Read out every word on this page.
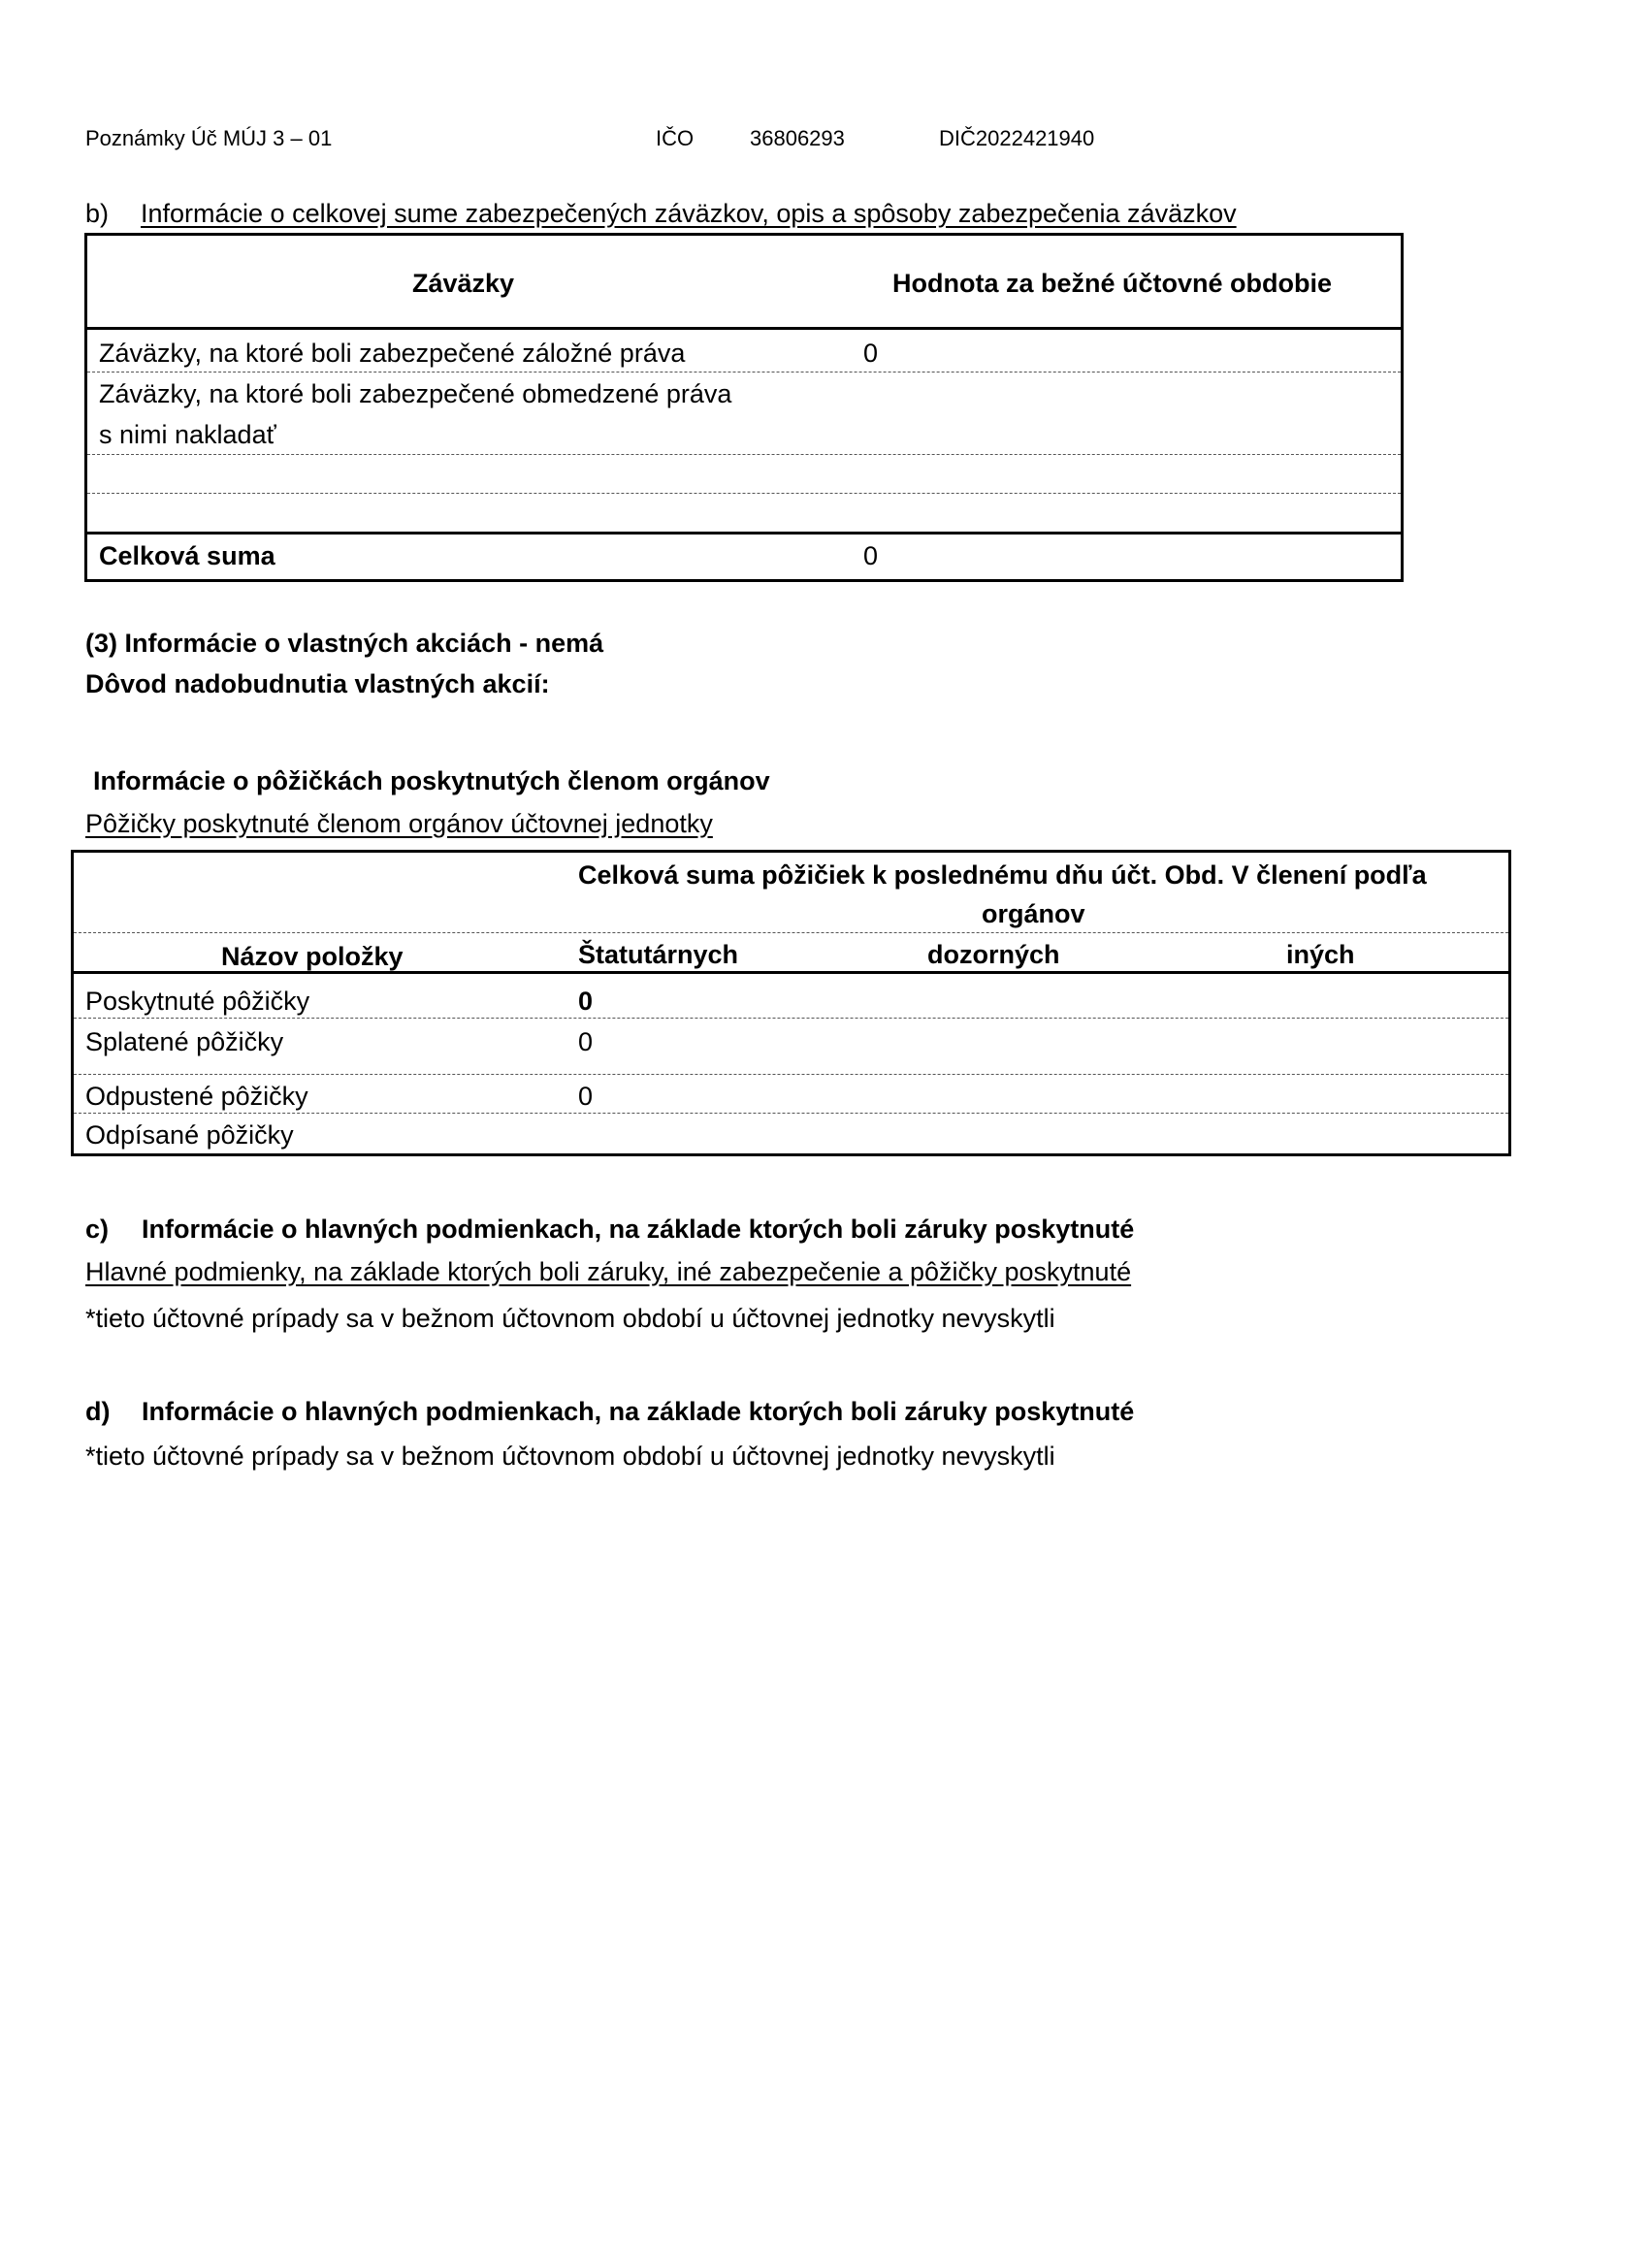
Poznámky Úč MÚJ 3 – 01	IČO	36806293	DIČ2022421940
b) Informácie o celkovej sume zabezpečených záväzkov, opis a spôsoby zabezpečenia záväzkov
Záväzky	Hodnota za bežné účtovné obdobie
Záväzky, na ktoré boli zabezpečené záložné práva	0
Záväzky, na ktoré boli zabezpečené obmedzené práva
s nimi nakladať
Celková suma	0
(3) Informácie o vlastných akciách - nemá
Dôvod nadobudnutia vlastných akcií:
Informácie o pôžičkách poskytnutých členom orgánov
Pôžičky poskytnuté členom orgánov účtovnej jednotky
Celková suma pôžičiek k poslednému dňu účt. Obd. V členení podľa
orgánov
Názov položky	Štatutárnych	dozorných	iných
Poskytnuté pôžičky	0
Splatené pôžičky	0
Odpustené pôžičky	0
Odpísané pôžičky
c) Informácie o hlavných podmienkach, na základe ktorých boli záruky poskytnuté
Hlavné podmienky, na základe ktorých boli záruky, iné zabezpečenie a pôžičky poskytnuté
*tieto účtovné prípady sa v bežnom účtovnom období u účtovnej jednotky nevyskytli
d) Informácie o hlavných podmienkach, na základe ktorých boli záruky poskytnuté
*tieto účtovné prípady sa v bežnom účtovnom období u účtovnej jednotky nevyskytli
